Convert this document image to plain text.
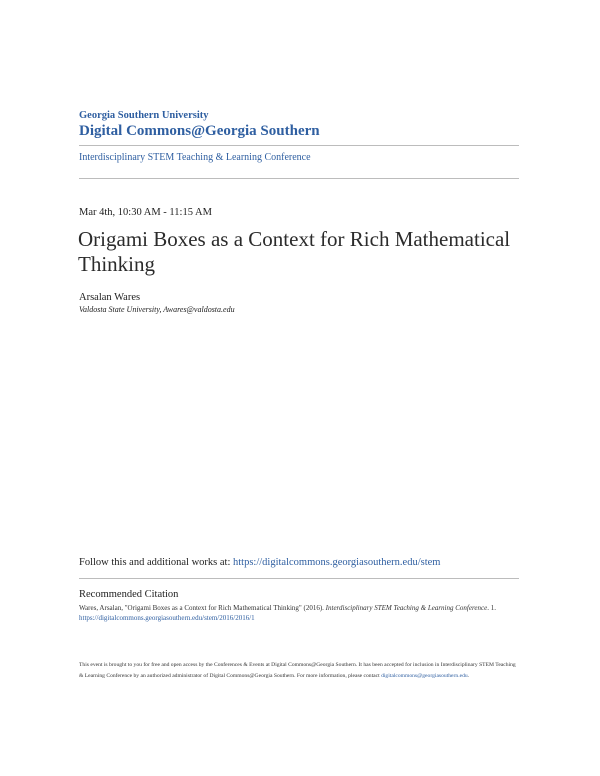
Georgia Southern University
Digital Commons@Georgia Southern
Interdisciplinary STEM Teaching & Learning Conference
Mar 4th, 10:30 AM - 11:15 AM
Origami Boxes as a Context for Rich Mathematical Thinking
Arsalan Wares
Valdosta State University, Awares@valdosta.edu
Follow this and additional works at: https://digitalcommons.georgiasouthern.edu/stem
Recommended Citation
Wares, Arsalan, "Origami Boxes as a Context for Rich Mathematical Thinking" (2016). Interdisciplinary STEM Teaching & Learning Conference. 1.
https://digitalcommons.georgiasouthern.edu/stem/2016/2016/1
This event is brought to you for free and open access by the Conferences & Events at Digital Commons@Georgia Southern. It has been accepted for inclusion in Interdisciplinary STEM Teaching & Learning Conference by an authorized administrator of Digital Commons@Georgia Southern. For more information, please contact digitalcommons@georgiasouthern.edu.
